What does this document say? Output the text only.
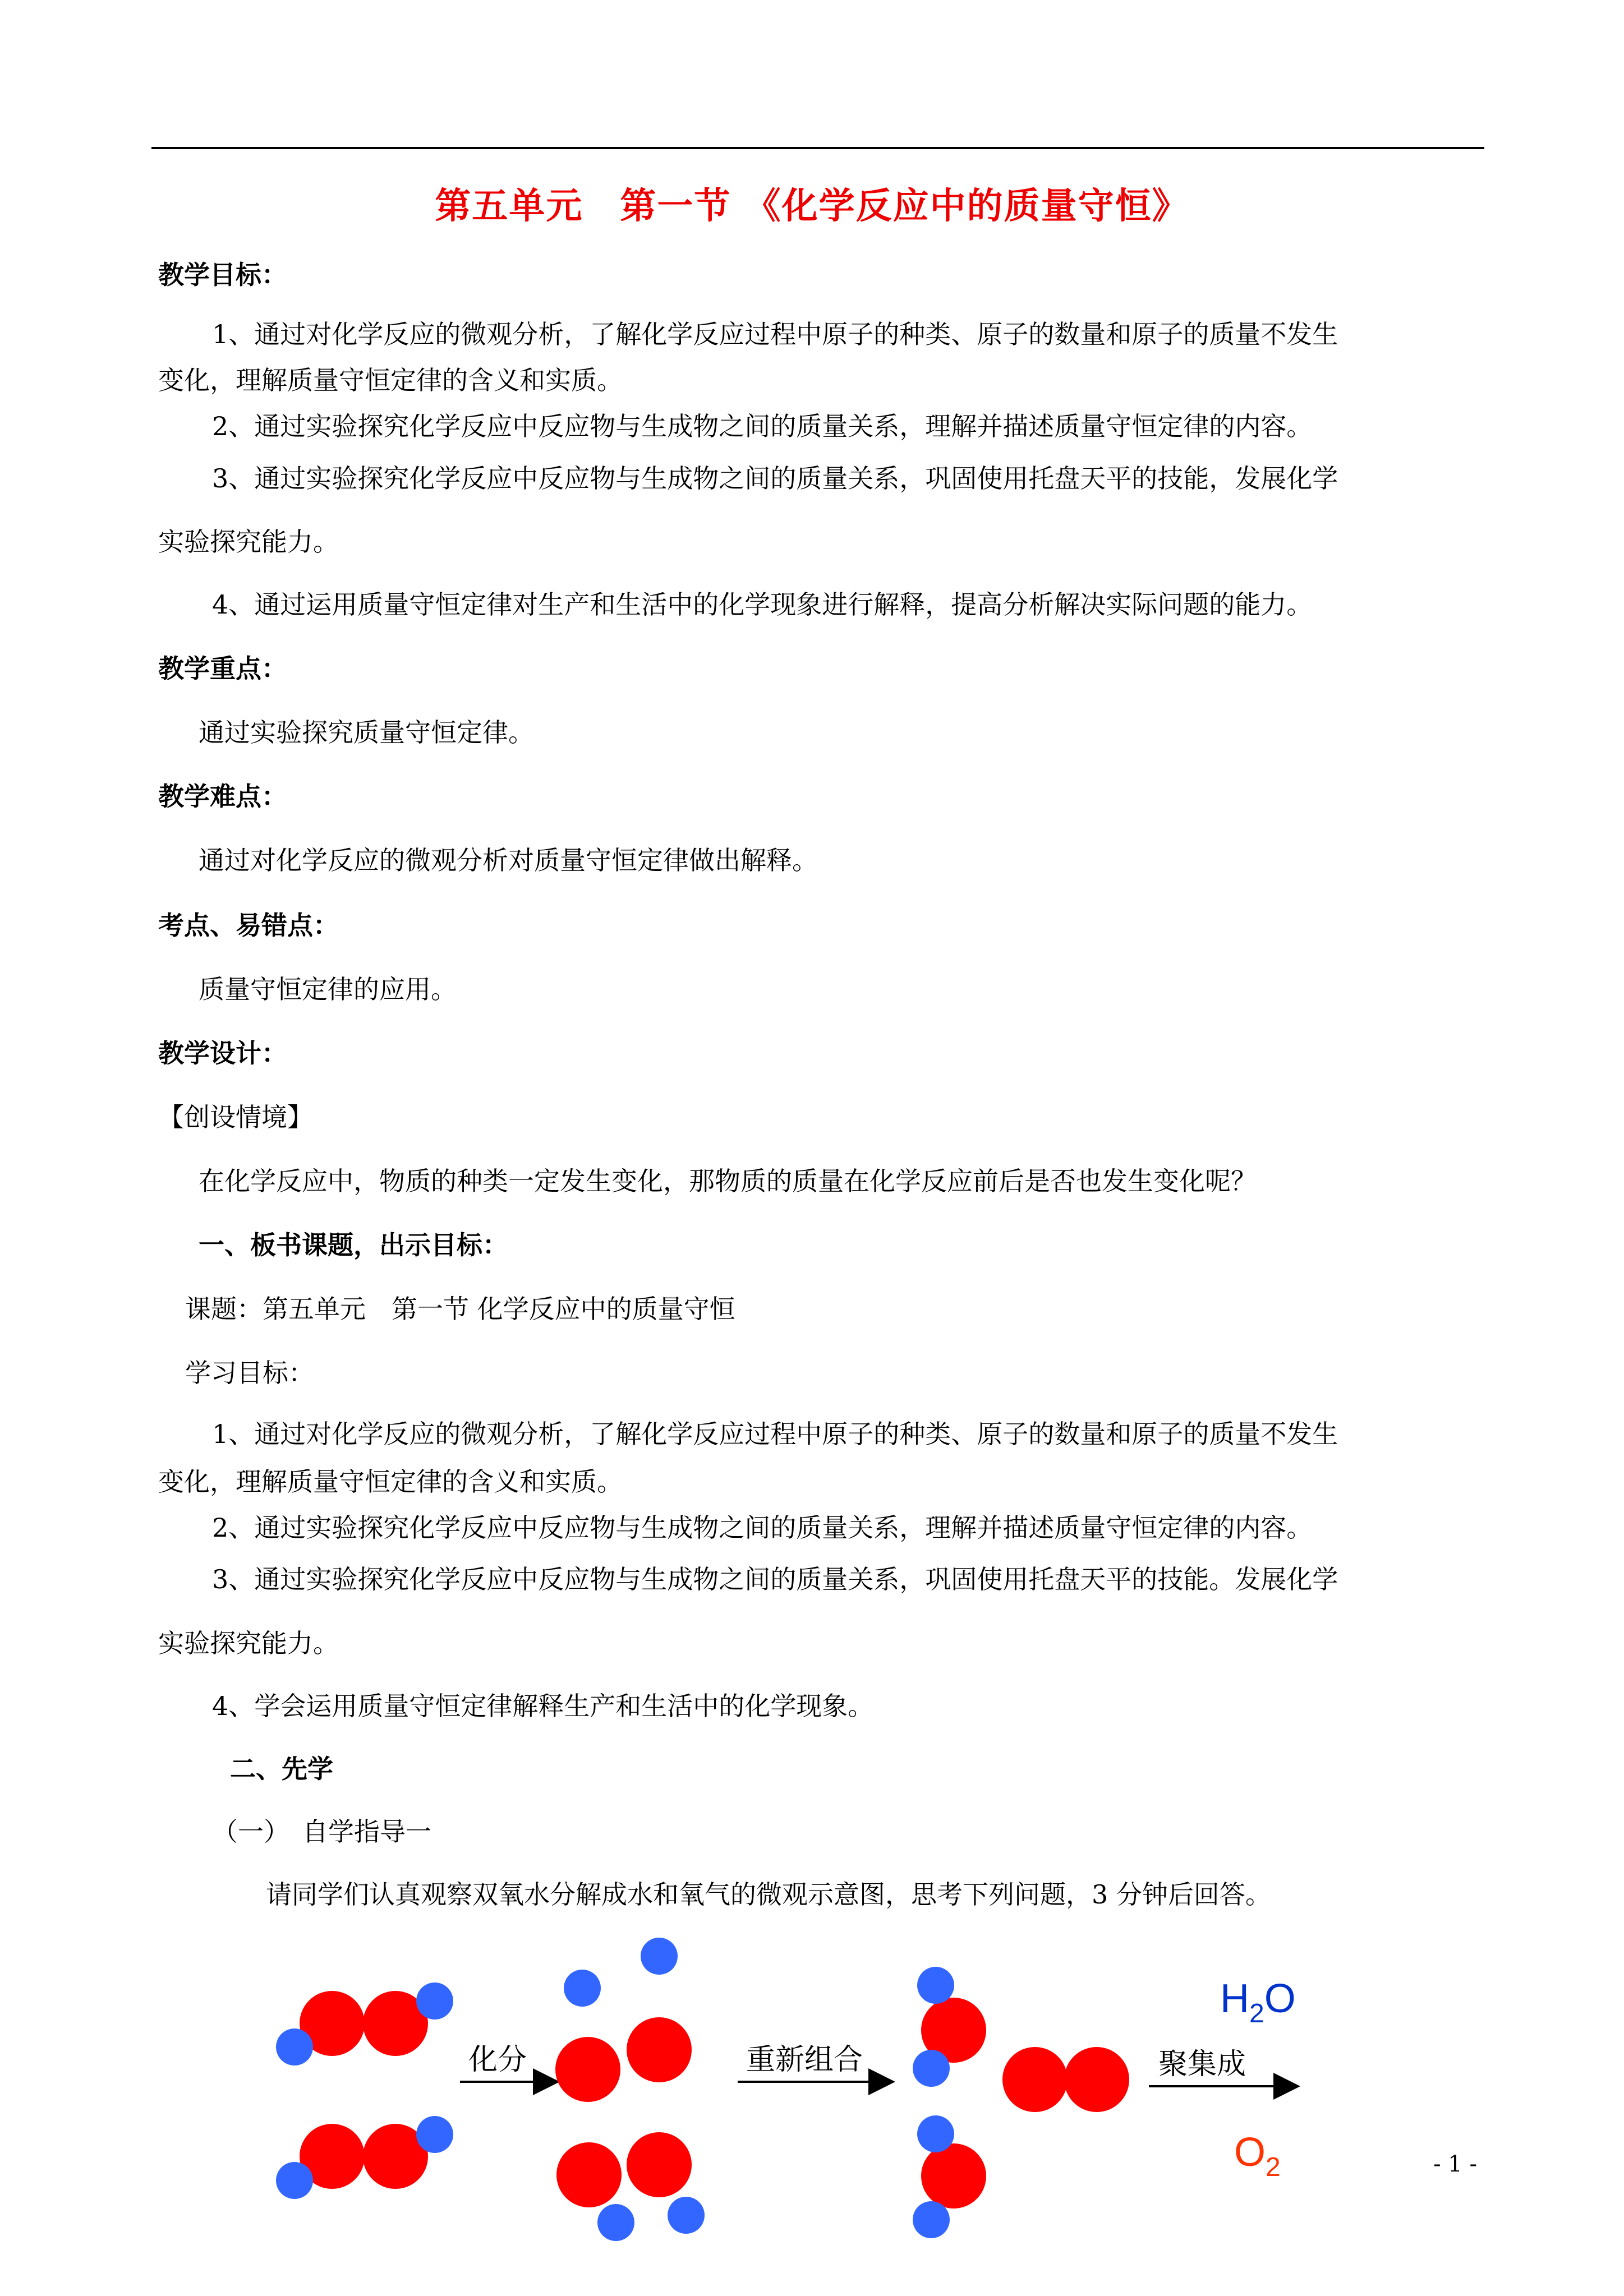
第五单元　第一节 《化学反应中的质量守恒》
教学目标：
1、通过对化学反应的微观分析，了解化学反应过程中原子的种类、原子的数量和原子的质量不发生
变化，理解质量守恒定律的含义和实质。
2、通过实验探究化学反应中反应物与生成物之间的质量关系，理解并描述质量守恒定律的内容。
3、通过实验探究化学反应中反应物与生成物之间的质量关系，巩固使用托盘天平的技能，发展化学
实验探究能力。
4、通过运用质量守恒定律对生产和生活中的化学现象进行解释，提高分析解决实际问题的能力。
教学重点：
通过实验探究质量守恒定律。
教学难点：
通过对化学反应的微观分析对质量守恒定律做出解释。
考点、易错点：
质量守恒定律的应用。
教学设计：
【创设情境】
在化学反应中，物质的种类一定发生变化，那物质的质量在化学反应前后是否也发生变化呢？
一、板书课题，出示目标：
课题：第五单元　第一节 化学反应中的质量守恒
学习目标：
1、通过对化学反应的微观分析，了解化学反应过程中原子的种类、原子的数量和原子的质量不发生
变化，理解质量守恒定律的含义和实质。
2、通过实验探究化学反应中反应物与生成物之间的质量关系，理解并描述质量守恒定律的内容。
3、通过实验探究化学反应中反应物与生成物之间的质量关系，巩固使用托盘天平的技能。发展化学
实验探究能力。
4、学会运用质量守恒定律解释生产和生活中的化学现象。
二、先学
（一）　自学指导一
请同学们认真观察双氧水分解成水和氧气的微观示意图，思考下列问题，3 分钟后回答。
化分	重新组合	聚集成
$H_2O$
$O_2$	- 1 -
